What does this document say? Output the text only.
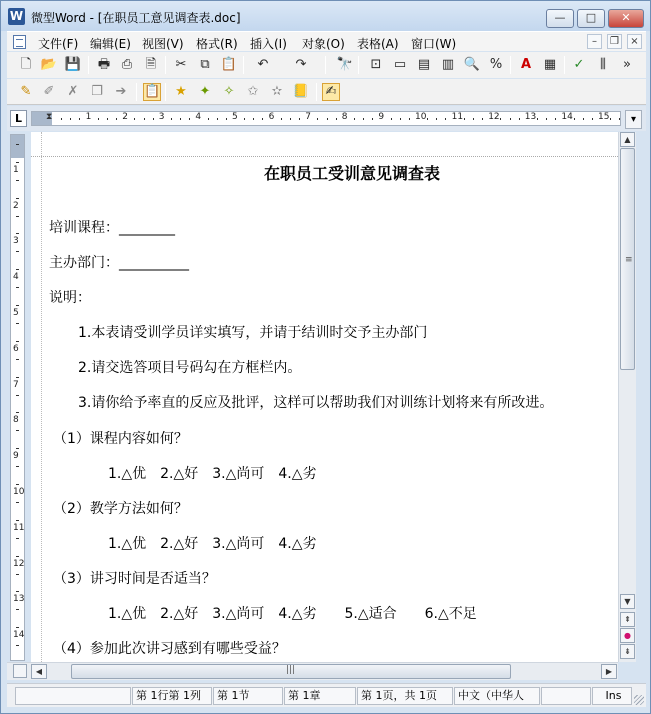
W 微型Word - [在职员工意见调查表.doc]	—	□	✕
文件(F) 编辑(E) 视图(V) 格式(R) 插入(I) 对象(O) 表格(A) 窗口(W)	–	❐	×
🗋 📂 💾 🖶 ⎙ 🗎 ✂	⧉ 📋	↶	↷	🔭 ⊡ ▭ ▤ ▥ 🔍 %	A ▦ ✓	⫼	»
✎ ✐ ✗ ❐ ➔ 📋 ★ ✦ ✧ ✩ ✫ 📒 ✍
L	⧗	1	2	3	4	5	6	7	8	9	10	11	12	13	14	15	▾
1
2
3
4
5
6
7
8
9
10
11
12
13
14
在职员工受训意见调查表
培训课程：________
主办部门：__________
说明：
1.本表请受训学员详实填写，并请于结训时交予主办部门
2.请交选答项目号码勾在方框栏内。
3.请你给予率直的反应及批评，这样可以帮助我们对训练计划将来有所改进。
（1）课程内容如何？
1.△优　2.△好　3.△尚可　4.△劣
（2）教学方法如何？
1.△优　2.△好　3.△尚可　4.△劣
（3）讲习时间是否适当？
1.△优　2.△好　3.△尚可　4.△劣　　5.△适合　　6.△不足
（4）参加此次讲习感到有哪些受益？
▲
≡
▼
⇞
●
⇟
◀	|||	▶
第 1行第 1列	第 1节	第 1章	第 1页，共 1页	中文（中华人	Ins
